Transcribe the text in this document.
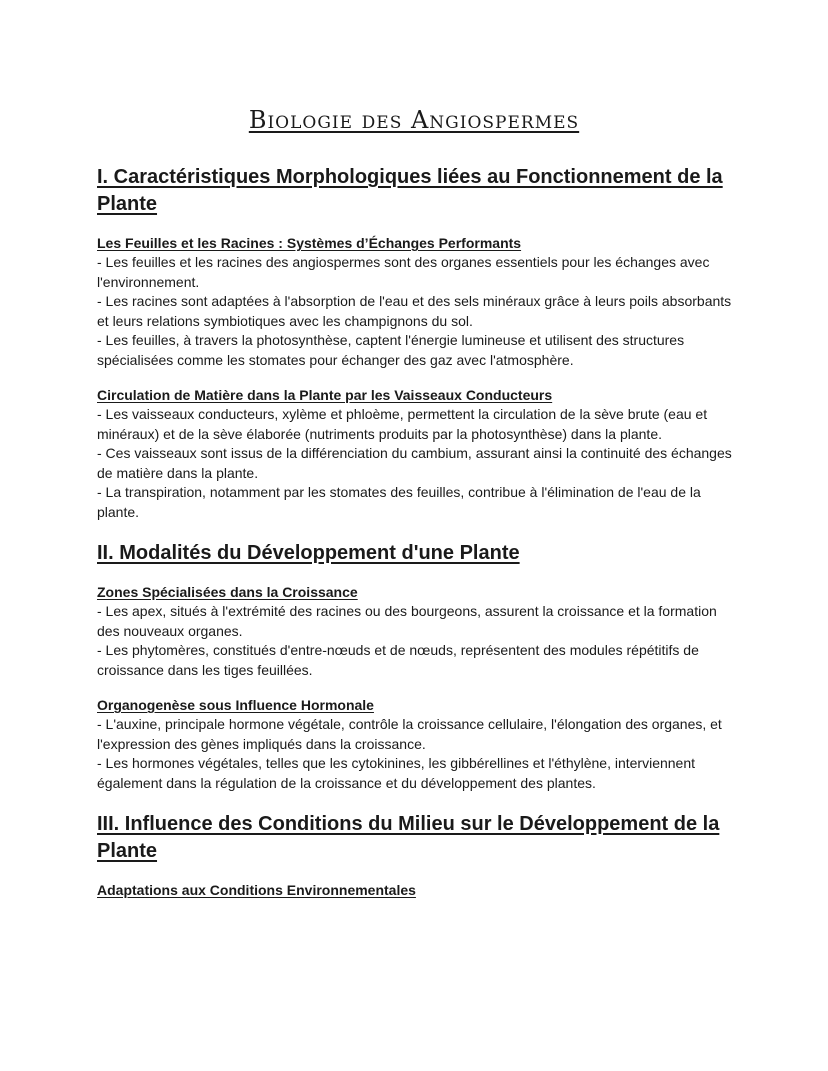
Biologie des Angiospermes
I. Caractéristiques Morphologiques liées au Fonctionnement de la Plante
Les Feuilles et les Racines : Systèmes d’Échanges Performants

- Les feuilles et les racines des angiospermes sont des organes essentiels pour les échanges avec l'environnement.

- Les racines sont adaptées à l'absorption de l'eau et des sels minéraux grâce à leurs poils absorbants et leurs relations symbiotiques avec les champignons du sol.

- Les feuilles, à travers la photosynthèse, captent l'énergie lumineuse et utilisent des structures spécialisées comme les stomates pour échanger des gaz avec l'atmosphère.

Circulation de Matière dans la Plante par les Vaisseaux Conducteurs

- Les vaisseaux conducteurs, xylème et phloème, permettent la circulation de la sève brute (eau et minéraux) et de la sève élaborée (nutriments produits par la photosynthèse) dans la plante.

- Ces vaisseaux sont issus de la différenciation du cambium, assurant ainsi la continuité des échanges de matière dans la plante.

- La transpiration, notamment par les stomates des feuilles, contribue à l'élimination de l'eau de la plante.

II. Modalités du Développement d'une Plante
Zones Spécialisées dans la Croissance

- Les apex, situés à l'extrémité des racines ou des bourgeons, assurent la croissance et la formation des nouveaux organes.

- Les phytomères, constitués d'entre-nœuds et de nœuds, représentent des modules répétitifs de croissance dans les tiges feuillées.

Organogenèse sous Influence Hormonale

- L'auxine, principale hormone végétale, contrôle la croissance cellulaire, l'élongation des organes, et l'expression des gènes impliqués dans la croissance.

- Les hormones végétales, telles que les cytokinines, les gibbérellines et l'éthylène, interviennent également dans la régulation de la croissance et du développement des plantes.

III. Influence des Conditions du Milieu sur le Développement de la Plante
Adaptations aux Conditions Environnementales
